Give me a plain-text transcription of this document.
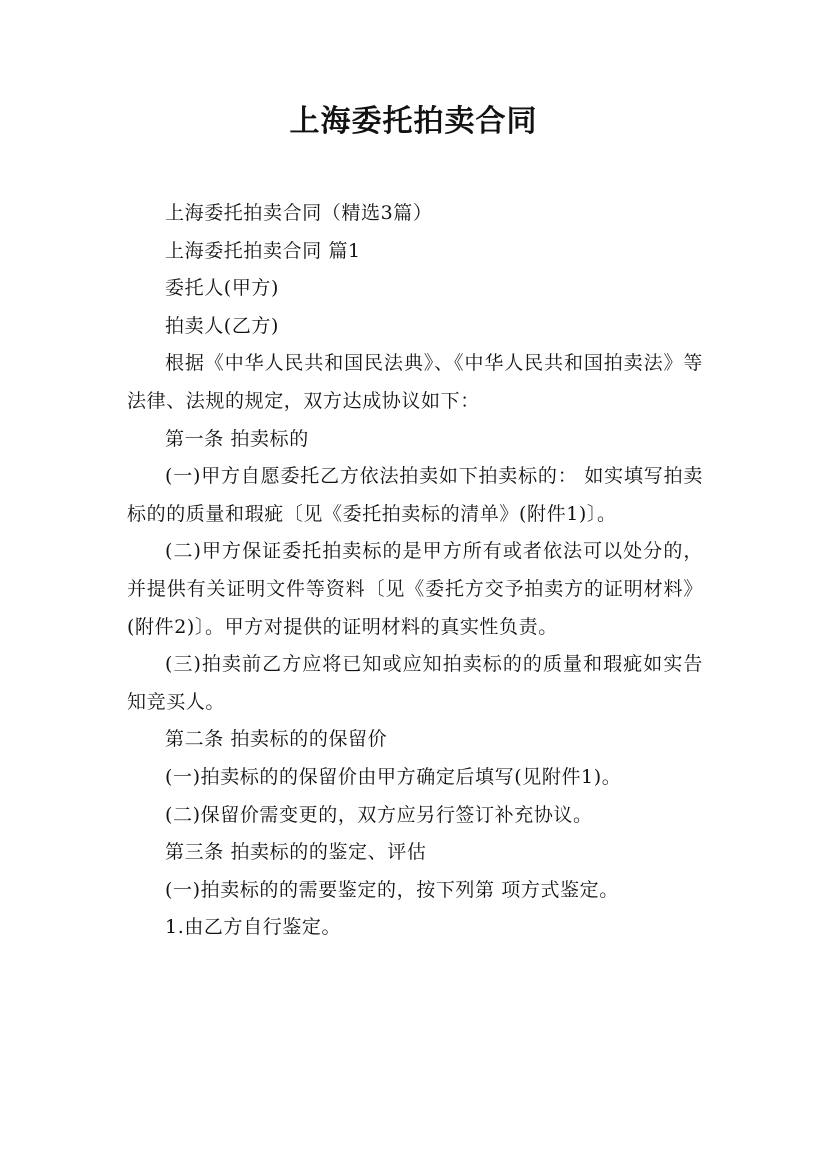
上海委托拍卖合同

上海委托拍卖合同（精选3篇）

上海委托拍卖合同 篇1

委托人(甲方)

拍卖人(乙方)

根据《中华人民共和国民法典》、《中华人民共和国拍卖法》等法律、法规的规定，双方达成协议如下：

第一条 拍卖标的

(一)甲方自愿委托乙方依法拍卖如下拍卖标的： 如实填写拍卖标的的质量和瑕疵〔见《委托拍卖标的清单》(附件1)〕。

(二)甲方保证委托拍卖标的是甲方所有或者依法可以处分的，并提供有关证明文件等资料〔见《委托方交予拍卖方的证明材料》(附件2)〕。甲方对提供的证明材料的真实性负责。

(三)拍卖前乙方应将已知或应知拍卖标的的质量和瑕疵如实告知竞买人。

第二条 拍卖标的的保留价

(一)拍卖标的的保留价由甲方确定后填写(见附件1)。

(二)保留价需变更的，双方应另行签订补充协议。

第三条 拍卖标的的鉴定、评估

(一)拍卖标的的需要鉴定的，按下列第 项方式鉴定。

1.由乙方自行鉴定。
